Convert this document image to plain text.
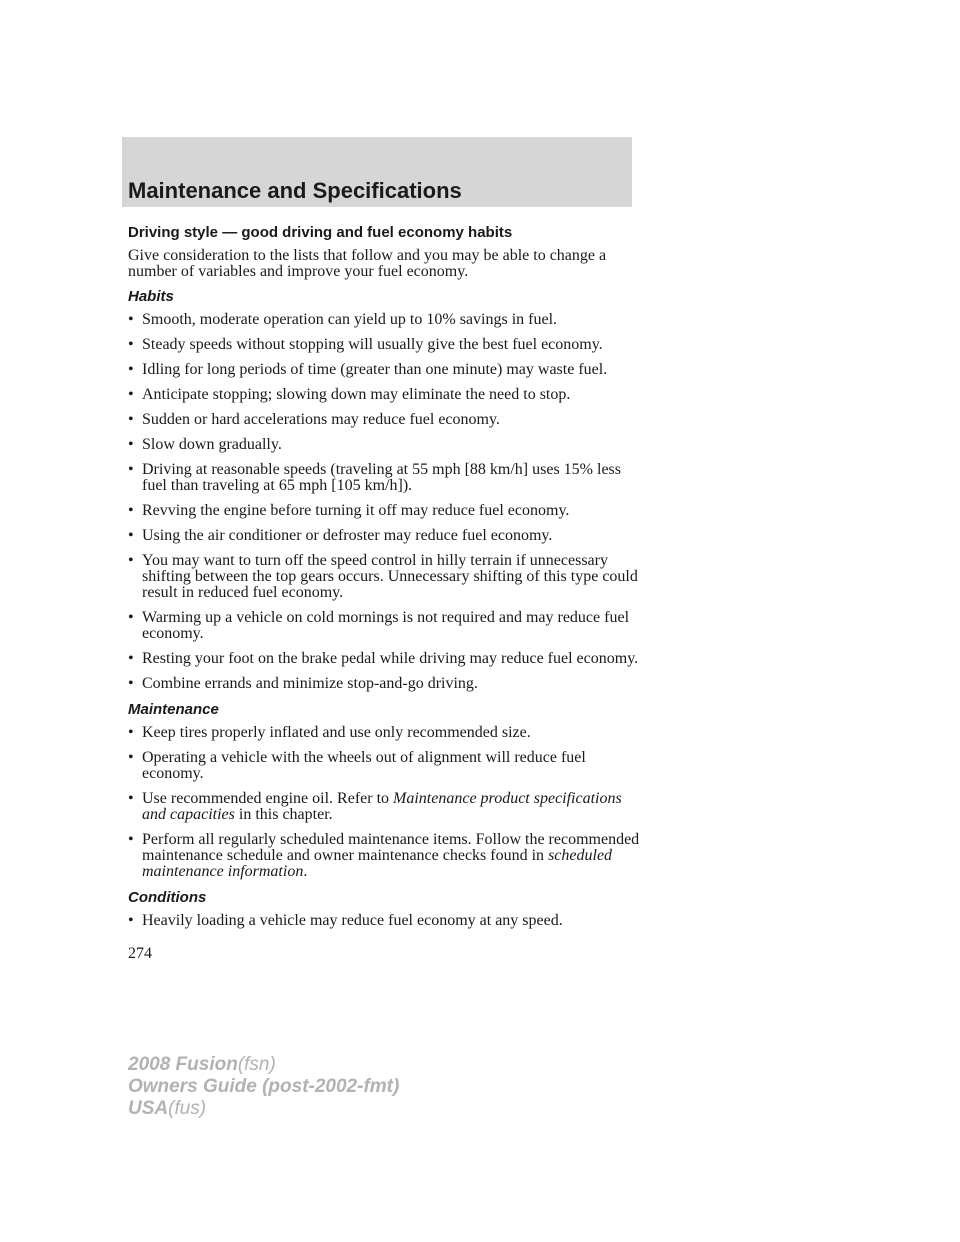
Maintenance and Specifications
Driving style — good driving and fuel economy habits

Give consideration to the lists that follow and you may be able to change a number of variables and improve your fuel economy.

Habits
• Smooth, moderate operation can yield up to 10% savings in fuel.
• Steady speeds without stopping will usually give the best fuel economy.
• Idling for long periods of time (greater than one minute) may waste fuel.
• Anticipate stopping; slowing down may eliminate the need to stop.
• Sudden or hard accelerations may reduce fuel economy.
• Slow down gradually.
• Driving at reasonable speeds (traveling at 55 mph [88 km/h] uses 15% less fuel than traveling at 65 mph [105 km/h]).
• Revving the engine before turning it off may reduce fuel economy.
• Using the air conditioner or defroster may reduce fuel economy.
• You may want to turn off the speed control in hilly terrain if unnecessary shifting between the top gears occurs. Unnecessary shifting of this type could result in reduced fuel economy.
• Warming up a vehicle on cold mornings is not required and may reduce fuel economy.
• Resting your foot on the brake pedal while driving may reduce fuel economy.
• Combine errands and minimize stop-and-go driving.
Maintenance
• Keep tires properly inflated and use only recommended size.
• Operating a vehicle with the wheels out of alignment will reduce fuel economy.
• Use recommended engine oil. Refer to Maintenance product specifications and capacities in this chapter.
• Perform all regularly scheduled maintenance items. Follow the recommended maintenance schedule and owner maintenance checks found in scheduled maintenance information.
Conditions
• Heavily loading a vehicle may reduce fuel economy at any speed.
274
2008 Fusion(fsn)
Owners Guide (post-2002-fmt)
USA(fus)
